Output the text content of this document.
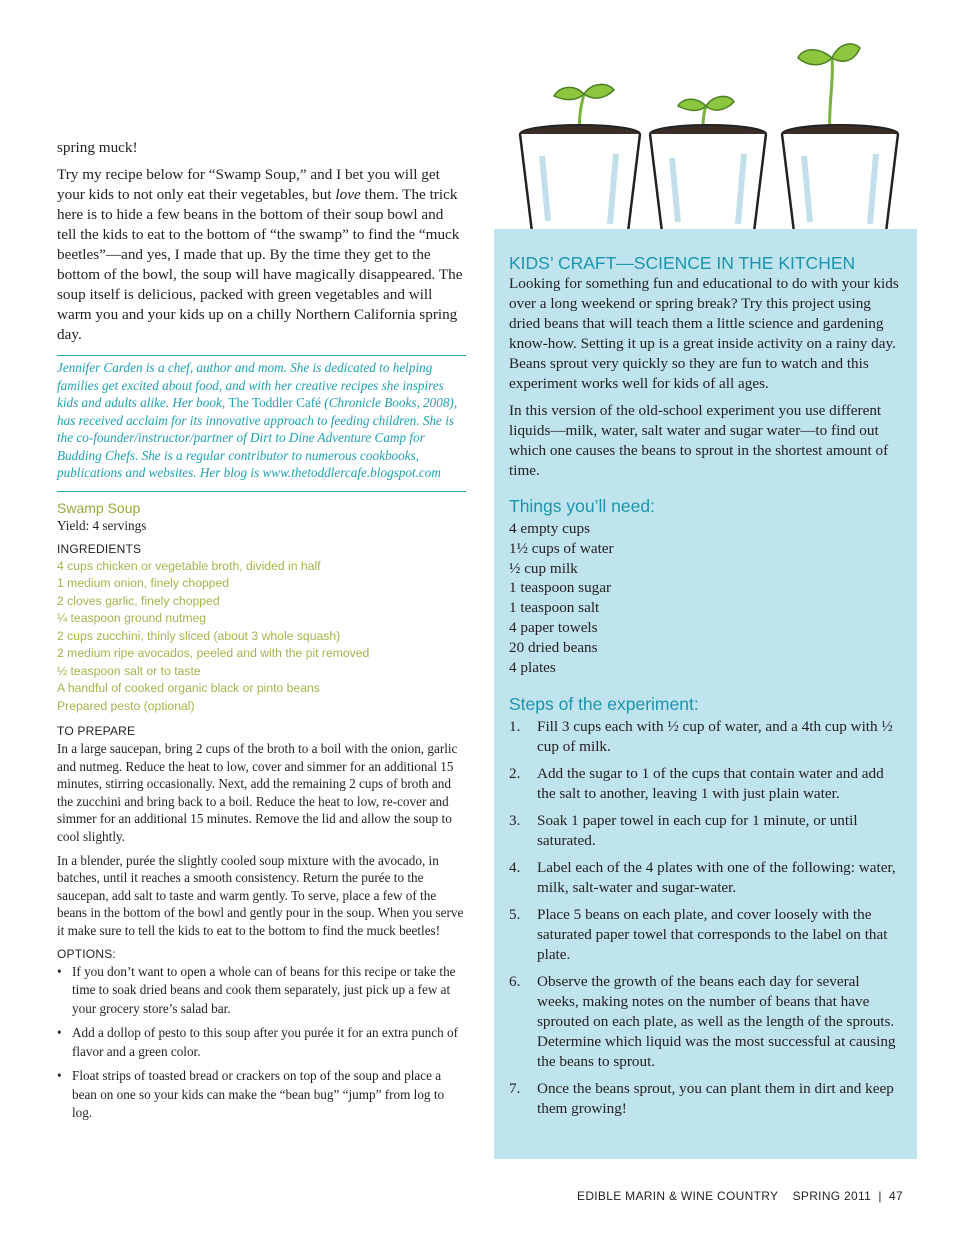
spring muck!

Try my recipe below for “Swamp Soup,” and I bet you will get your kids to not only eat their vegetables, but love them. The trick here is to hide a few beans in the bottom of their soup bowl and tell the kids to eat to the bottom of “the swamp” to find the “muck beetles”—and yes, I made that up. By the time they get to the bottom of the bowl, the soup will have magically disappeared. The soup itself is delicious, packed with green vegetables and will warm you and your kids up on a chilly Northern California spring day.

Jennifer Carden is a chef, author and mom. She is dedicated to helping families get excited about food, and with her creative recipes she inspires kids and adults alike. Her book, The Toddler Café (Chronicle Books, 2008), has received acclaim for its innovative approach to feeding children. She is the co-founder/instructor/partner of Dirt to Dine Adventure Camp for Budding Chefs. She is a regular contributor to numerous cookbooks, publications and websites. Her blog is www.thetoddlercafe.blogspot.com
Swamp Soup
Yield: 4 servings
INGREDIENTS
4 cups chicken or vegetable broth, divided in half
1 medium onion, finely chopped
2 cloves garlic, finely chopped
¼ teaspoon ground nutmeg
2 cups zucchini, thinly sliced (about 3 whole squash)
2 medium ripe avocados, peeled and with the pit removed
½ teaspoon salt or to taste
A handful of cooked organic black or pinto beans
Prepared pesto (optional)
TO PREPARE

In a large saucepan, bring 2 cups of the broth to a boil with the onion, garlic and nutmeg. Reduce the heat to low, cover and simmer for an additional 15 minutes, stirring occasionally. Next, add the remaining 2 cups of broth and the zucchini and bring back to a boil. Reduce the heat to low, re-cover and simmer for an additional 15 minutes. Remove the lid and allow the soup to cool slightly.

In a blender, purée the slightly cooled soup mixture with the avocado, in batches, until it reaches a smooth consistency. Return the purée to the saucepan, add salt to taste and warm gently. To serve, place a few of the beans in the bottom of the bowl and gently pour in the soup. When you serve it make sure to tell the kids to eat to the bottom to find the muck beetles!

OPTIONS:
• If you don’t want to open a whole can of beans for this recipe or take the time to soak dried beans and cook them separately, just pick up a few at your grocery store’s salad bar.
• Add a dollop of pesto to this soup after you purée it for an extra punch of flavor and a green color.
• Float strips of toasted bread or crackers on top of the soup and place a bean on one so your kids can make the “bean bug” “jump” from log to log.
KIDS’ CRAFT—SCIENCE IN THE KITCHEN

Looking for something fun and educational to do with your kids over a long weekend or spring break? Try this project using dried beans that will teach them a little science and gardening know-how. Setting it up is a great inside activity on a rainy day. Beans sprout very quickly so they are fun to watch and this experiment works well for kids of all ages.

In this version of the old-school experiment you use different liquids—milk, water, salt water and sugar water—to find out which one causes the beans to sprout in the shortest amount of time.

Things you’ll need:
4 empty cups
1½ cups of water
½ cup milk
1 teaspoon sugar
1 teaspoon salt
4 paper towels
20 dried beans
4 plates
Steps of the experiment:
1. Fill 3 cups each with ½ cup of water, and a 4th cup with ½ cup of milk.
2. Add the sugar to 1 of the cups that contain water and add the salt to another, leaving 1 with just plain water.
3. Soak 1 paper towel in each cup for 1 minute, or until saturated.
4. Label each of the 4 plates with one of the following: water, milk, salt-water and sugar-water.
5. Place 5 beans on each plate, and cover loosely with the saturated paper towel that corresponds to the label on that plate.
6. Observe the growth of the beans each day for several weeks, making notes on the number of beans that have sprouted on each plate, as well as the length of the sprouts. Determine which liquid was the most successful at causing the beans to sprout.
7. Once the beans sprout, you can plant them in dirt and keep them growing!
EDIBLE MARIN & WINE COUNTRY SPRING 2011 | 47
